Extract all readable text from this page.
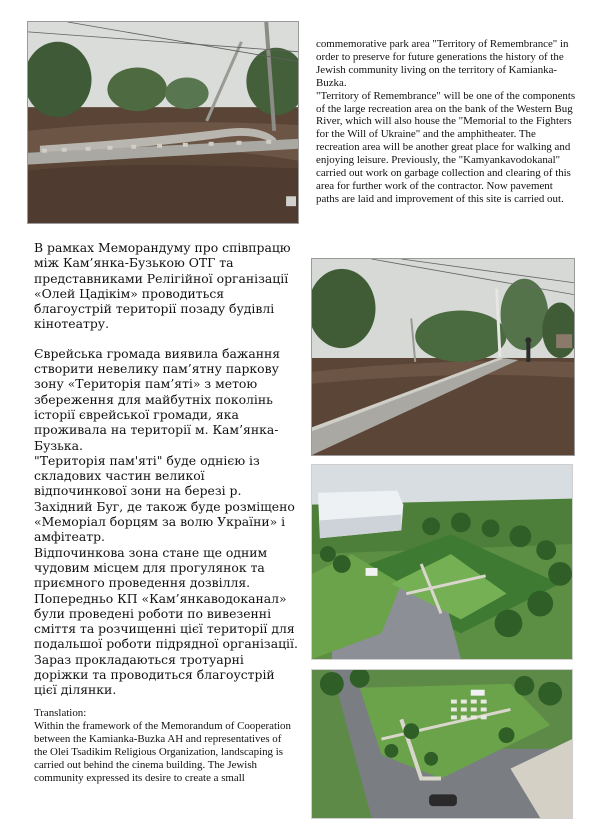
В рамках Меморандуму про співпрацю між Кам’янка-Бузькою ОТГ та представниками Релігійної організації «Олей Цадікім» проводиться благоустрій території позаду будівлі кінотеатру.

Єврейська громада виявила бажання створити невелику пам’ятну паркову зону «Територія пам’яті» з метою збереження для майбутніх поколінь історії єврейської громади, яка проживала на території м. Кам’янка-Бузька.

"Територія пам'яті" буде однією із складових частин великої відпочинкової зони на березі р. Західний Буг, де також буде розміщено «Меморіал борцям за волю України» і амфітеатр.

Відпочинкова зона стане ще одним чудовим місцем для прогулянок та приємного проведення дозвілля.

Попередньо КП «Кам’янкаводоканал» були проведені роботи по вивезенні сміття та розчищенні цієї території для подальшої роботи підрядної організації.

Зараз прокладаються тротуарні доріжки та проводиться благоустрій цієї ділянки.

Translation:

Within the framework of the Memorandum of Cooperation between the Kamianka-Buzka AH and representatives of the Olei Tsadikim Religious Organization, landscaping is carried out behind the cinema building. The Jewish community expressed its desire to create a small

commemorative park area "Territory of Remembrance" in order to preserve for future generations the history of the Jewish community living on the territory of Kamianka-Buzka.

"Territory of Remembrance" will be one of the components of the large recreation area on the bank of the Western Bug River, which will also house the "Memorial to the Fighters for the Will of Ukraine" and the amphitheater. The recreation area will be another great place for walking and enjoying leisure. Previously, the "Kamyankavodokanal" carried out work on garbage collection and clearing of this area for further work of the contractor. Now pavement paths are laid and improvement of this site is carried out.
